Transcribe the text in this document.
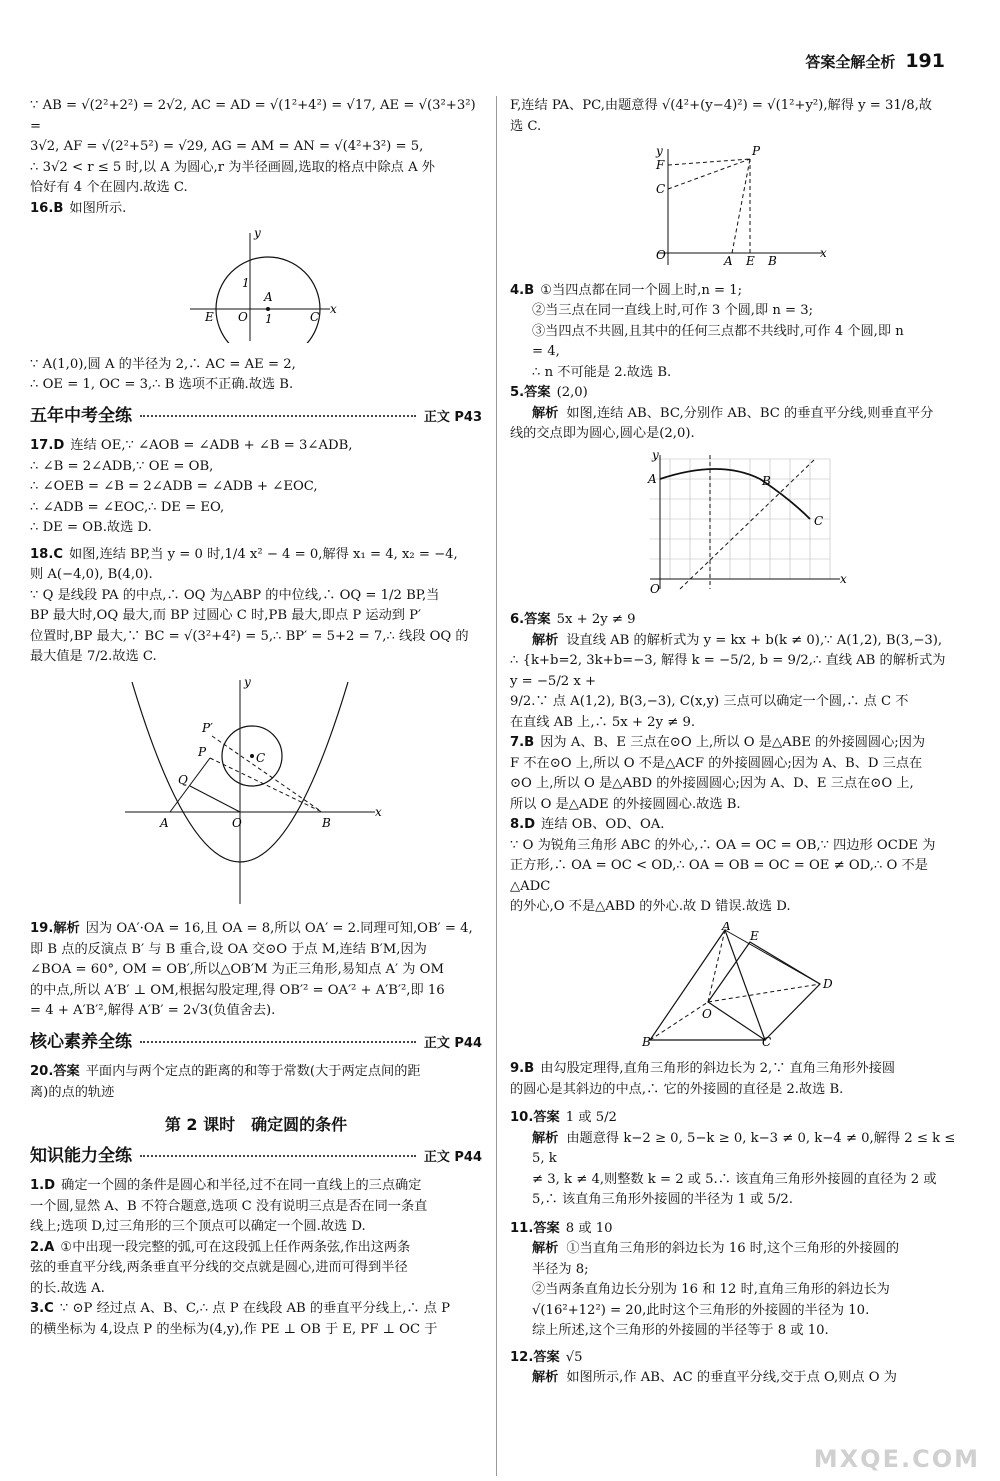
答案全解全析 191

∵ AB = √(2²+2²) = 2√2, AC = AD = √(1²+4²) = √17, AE = √(3²+3²) =

3√2, AF = √(2²+5²) = √29, AG = AM = AN = √(4²+3²) = 5,

∴ 3√2 < r ≤ 5 时,以 A 为圆心,r 为半径画圆,选取的格点中除点 A 外

恰好有 4 个在圆内.故选 C.

16.B 如图所示.

y
x
1
A
E O 1	C

∵ A(1,0),圆 A 的半径为 2,∴ AC = AE = 2,

∴ OE = 1, OC = 3,∴ B 选项不正确.故选 B.

五年中考全练	正文 P43

17.D 连结 OE,∵ ∠AOB = ∠ADB + ∠B = 3∠ADB,

∴ ∠B = 2∠ADB,∵ OE = OB,

∴ ∠OEB = ∠B = 2∠ADB = ∠ADB + ∠EOC,

∴ ∠ADB = ∠EOC,∴ DE = EO,

∴ DE = OB.故选 D.

18.C 如图,连结 BP,当 y = 0 时,1/4 x² − 4 = 0,解得 x₁ = 4, x₂ = −4,

则 A(−4,0), B(4,0).

∵ Q 是线段 PA 的中点,∴ OQ 为△ABP 的中位线,∴ OQ = 1/2 BP,当

BP 最大时,OQ 最大,而 BP 过圆心 C 时,PB 最大,即点 P 运动到 P′

位置时,BP 最大,∵ BC = √(3²+4²) = 5,∴ BP′ = 5+2 = 7,∴ 线段 OQ 的

最大值是 7/2.故选 C.

y
x
P′
P	C
Q
A	O	B

19.解析 因为 OA′·OA = 16,且 OA = 8,所以 OA′ = 2.同理可知,OB′ = 4,

即 B 点的反演点 B′ 与 B 重合,设 OA 交⊙O 于点 M,连结 B′M,因为

∠BOA = 60°, OM = OB′,所以△OB′M 为正三角形,易知点 A′ 为 OM

的中点,所以 A′B′ ⊥ OM,根据勾股定理,得 OB′² = OA′² + A′B′²,即 16

= 4 + A′B′²,解得 A′B′ = 2√3(负值舍去).

核心素养全练	正文 P44

20.答案 平面内与两个定点的距离的和等于常数(大于两定点间的距

离)的点的轨迹

第 2 课时　确定圆的条件
知识能力全练	正文 P44

1.D 确定一个圆的条件是圆心和半径,过不在同一直线上的三点确定

一个圆,显然 A、B 不符合题意,选项 C 没有说明三点是否在同一条直

线上;选项 D,过三角形的三个顶点可以确定一个圆.故选 D.

2.A ①中出现一段完整的弧,可在这段弧上任作两条弦,作出这两条

弦的垂直平分线,两条垂直平分线的交点就是圆心,进而可得到半径

的长.故选 A.

3.C ∵ ⊙P 经过点 A、B、C,∴ 点 P 在线段 AB 的垂直平分线上,∴ 点 P

的横坐标为 4,设点 P 的坐标为(4,y),作 PE ⊥ OB 于 E, PF ⊥ OC 于

F,连结 PA、PC,由题意得 √(4²+(y−4)²) = √(1²+y²),解得 y = 31/8,故

选 C.

y	P
F
C
O	A E B
x

4.B ①当四点都在同一个圆上时,n = 1;

②当三点在同一直线上时,可作 3 个圆,即 n = 3;

③当四点不共圆,且其中的任何三点都不共线时,可作 4 个圆,即 n

= 4,

∴ n 不可能是 2.故选 B.

5.答案 (2,0)

解析 如图,连结 AB、BC,分别作 AB、BC 的垂直平分线,则垂直平分

线的交点即为圆心,圆心是(2,0).

y
A	B
C
O
x

6.答案 5x + 2y ≠ 9

解析 设直线 AB 的解析式为 y = kx + b(k ≠ 0),∵ A(1,2), B(3,−3),

∴ {k+b=2, 3k+b=−3, 解得 k = −5/2, b = 9/2,∴ 直线 AB 的解析式为 y = −5/2 x +

9/2.∵ 点 A(1,2), B(3,−3), C(x,y) 三点可以确定一个圆,∴ 点 C 不

在直线 AB 上,∴ 5x + 2y ≠ 9.

7.B 因为 A、B、E 三点在⊙O 上,所以 O 是△ABE 的外接圆圆心;因为

F 不在⊙O 上,所以 O 不是△ACF 的外接圆圆心;因为 A、B、D 三点在

⊙O 上,所以 O 是△ABD 的外接圆圆心;因为 A、D、E 三点在⊙O 上,

所以 O 是△ADE 的外接圆圆心.故选 B.

8.D 连结 OB、OD、OA.

∵ O 为锐角三角形 ABC 的外心,∴ OA = OC = OB,∵ 四边形 OCDE 为

正方形,∴ OA = OC < OD,∴ OA = OB = OC = OE ≠ OD,∴ O 不是△ADC

的外心,O 不是△ABD 的外心.故 D 错误.故选 D.

A
E
D
O
B	C

9.B 由勾股定理得,直角三角形的斜边长为 2,∵ 直角三角形外接圆

的圆心是其斜边的中点,∴ 它的外接圆的直径是 2.故选 B.

10.答案 1 或 5/2

解析 由题意得 k−2 ≥ 0, 5−k ≥ 0, k−3 ≠ 0, k−4 ≠ 0,解得 2 ≤ k ≤ 5, k

≠ 3, k ≠ 4,则整数 k = 2 或 5.∴ 该直角三角形外接圆的直径为 2 或

5,∴ 该直角三角形外接圆的半径为 1 或 5/2.

11.答案 8 或 10

解析 ①当直角三角形的斜边长为 16 时,这个三角形的外接圆的

半径为 8;

②当两条直角边长分别为 16 和 12 时,直角三角形的斜边长为

√(16²+12²) = 20,此时这个三角形的外接圆的半径为 10.

综上所述,这个三角形的外接圆的半径等于 8 或 10.

12.答案 √5

解析 如图所示,作 AB、AC 的垂直平分线,交于点 O,则点 O 为

MXQE.COM
